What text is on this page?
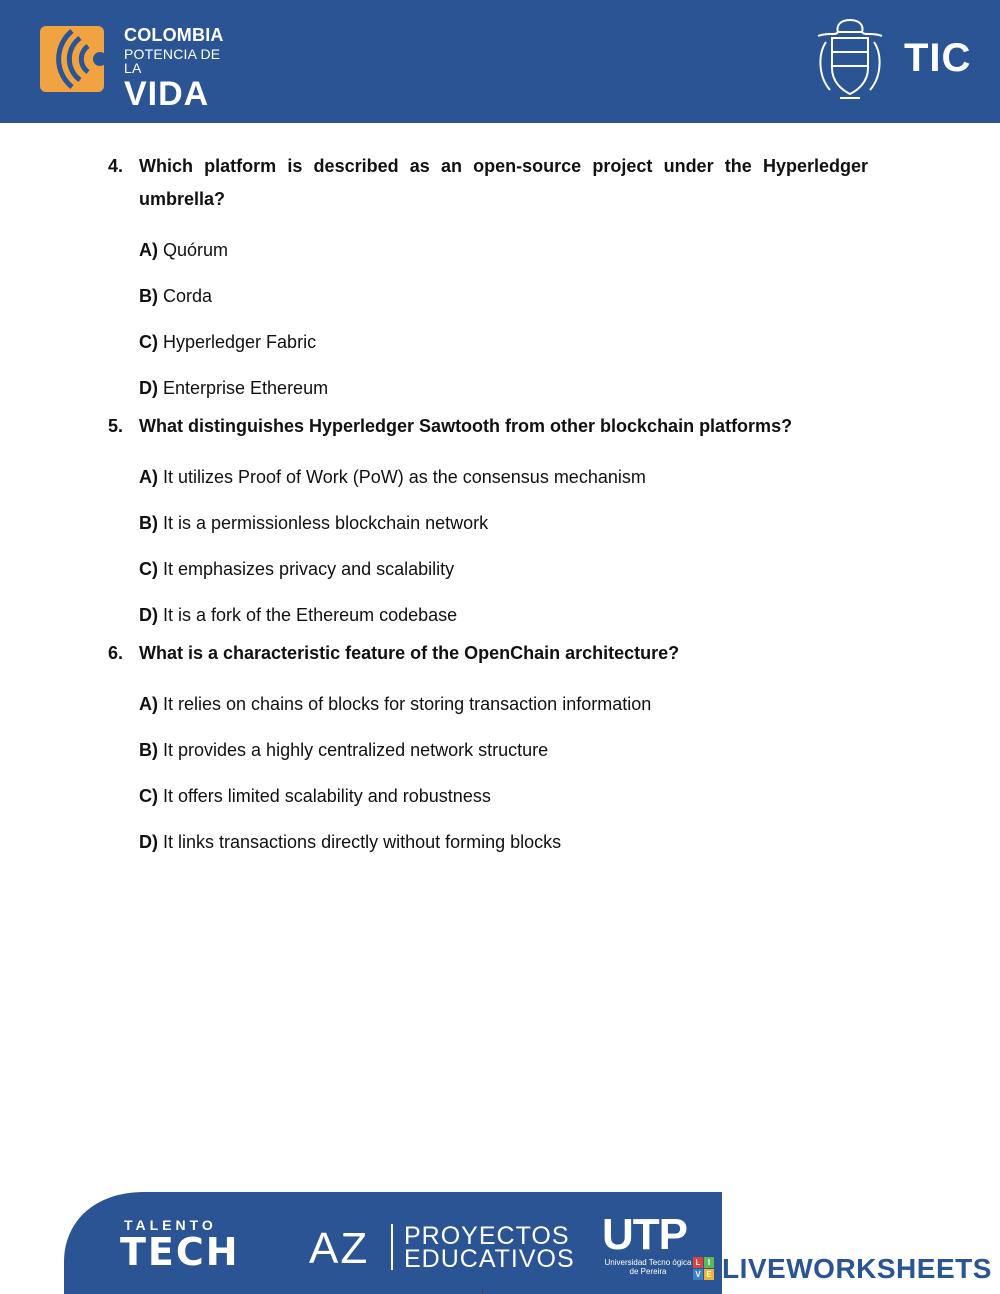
COLOMBIA
POTENCIA DE LA
VIDA
TIC
4. Which platform is described as an open-source project under the Hyperledger umbrella?
A) Quórum
B) Corda
C) Hyperledger Fabric
D) Enterprise Ethereum
5. What distinguishes Hyperledger Sawtooth from other blockchain platforms?
A) It utilizes Proof of Work (PoW) as the consensus mechanism
B) It is a permissionless blockchain network
C) It emphasizes privacy and scalability
D) It is a fork of the Ethereum codebase
6. What is a characteristic feature of the OpenChain architecture?
A) It relies on chains of blocks for storing transaction information
B) It provides a highly centralized network structure
C) It offers limited scalability and robustness
D) It links transactions directly without forming blocks
TALENTO
TECH AZ PROYECTOS
EDUCATIVOS UTP
Universidad Tecno ógica
de Pereira
L I
V E LIVEWORKSHEETS
